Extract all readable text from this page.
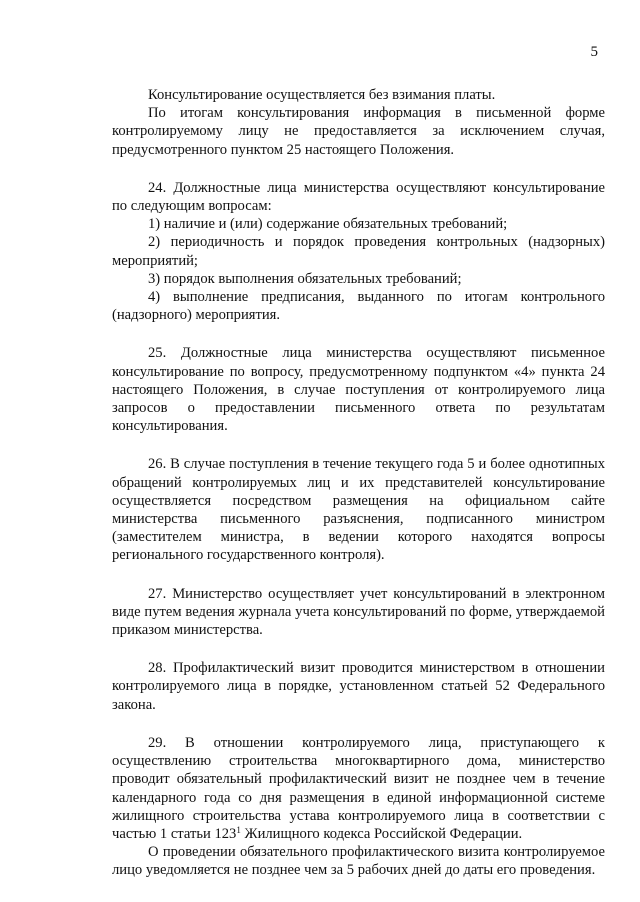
5

Консультирование осуществляется без взимания платы.

По итогам консультирования информация в письменной форме контролируемому лицу не предоставляется за исключением случая, предусмотренного пунктом 25 настоящего Положения.

24. Должностные лица министерства осуществляют консультирование по следующим вопросам:

1) наличие и (или) содержание обязательных требований;

2) периодичность и порядок проведения контрольных (надзорных) мероприятий;

3) порядок выполнения обязательных требований;

4) выполнение предписания, выданного по итогам контрольного (надзорного) мероприятия.

25. Должностные лица министерства осуществляют письменное консультирование по вопросу, предусмотренному подпунктом «4» пункта 24 настоящего Положения, в случае поступления от контролируемого лица запросов о предоставлении письменного ответа по результатам консультирования.

26. В случае поступления в течение текущего года 5 и более однотипных обращений контролируемых лиц и их представителей консультирование осуществляется посредством размещения на официальном сайте министерства письменного разъяснения, подписанного министром (заместителем министра, в ведении которого находятся вопросы регионального государственного контроля).

27. Министерство осуществляет учет консультирований в электронном виде путем ведения журнала учета консультирований по форме, утверждаемой приказом министерства.

28. Профилактический визит проводится министерством в отношении контролируемого лица в порядке, установленном статьей 52 Федерального закона.

29. В отношении контролируемого лица, приступающего к осуществлению строительства многоквартирного дома, министерство проводит обязательный профилактический визит не позднее чем в течение календарного года со дня размещения в единой информационной системе жилищного строительства устава контролируемого лица в соответствии с частью 1 статьи $123^1$ Жилищного кодекса Российской Федерации.

О проведении обязательного профилактического визита контролируемое лицо уведомляется не позднее чем за 5 рабочих дней до даты его проведения.
